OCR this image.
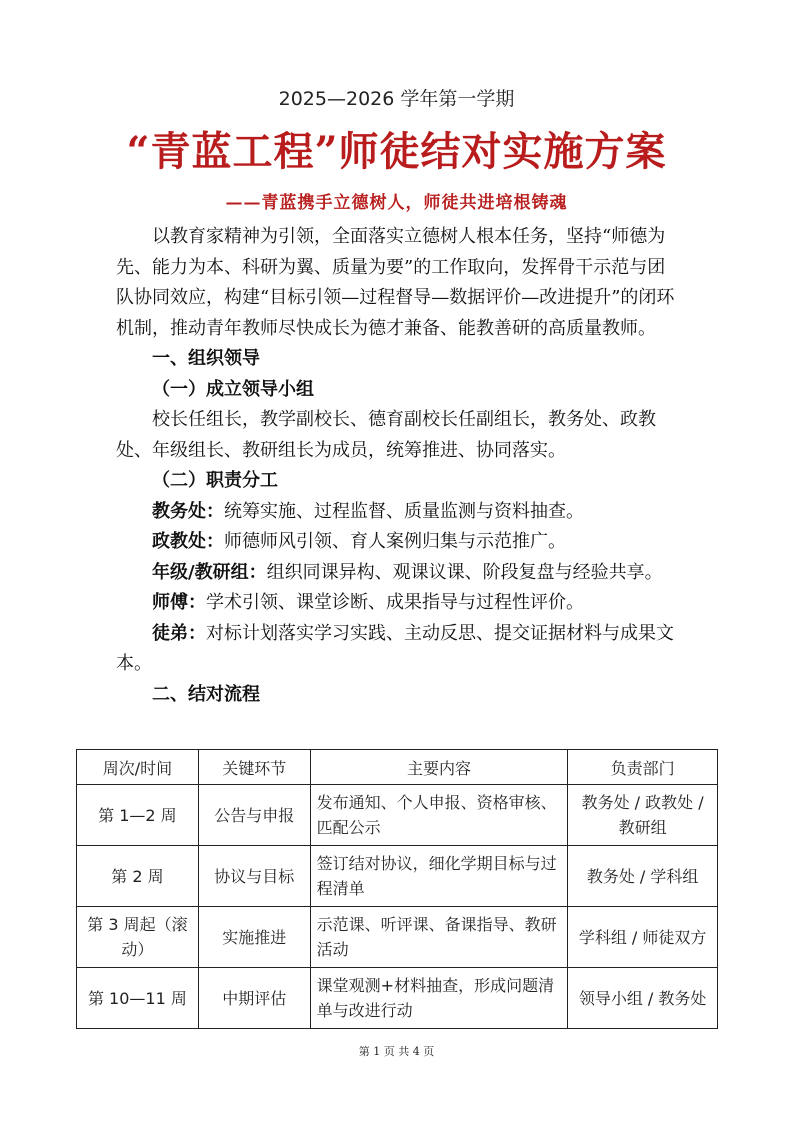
2025—2026 学年第一学期
“青蓝工程”师徒结对实施方案
——青蓝携手立德树人，师徒共进培根铸魂

以教育家精神为引领，全面落实立德树人根本任务，坚持“师德为先、能力为本、科研为翼、质量为要”的工作取向，发挥骨干示范与团队协同效应，构建“目标引领—过程督导—数据评价—改进提升”的闭环机制，推动青年教师尽快成长为德才兼备、能教善研的高质量教师。

一、组织领导

（一）成立领导小组

校长任组长，教学副校长、德育副校长任副组长，教务处、政教处、年级组长、教研组长为成员，统筹推进、协同落实。

（二）职责分工

教务处：统筹实施、过程监督、质量监测与资料抽查。

政教处：师德师风引领、育人案例归集与示范推广。

年级/教研组：组织同课异构、观课议课、阶段复盘与经验共享。

师傅：学术引领、课堂诊断、成果指导与过程性评价。

徒弟：对标计划落实学习实践、主动反思、提交证据材料与成果文本。

二、结对流程

周次/时间	关键环节	主要内容	负责部门
第 1—2 周	公告与申报	发布通知、个人申报、资格审核、匹配公示	教务处 / 政教处 / 教研组
第 2 周	协议与目标	签订结对协议，细化学期目标与过程清单	教务处 / 学科组
第 3 周起（滚动）	实施推进	示范课、听评课、备课指导、教研活动	学科组 / 师徒双方
第 10—11 周	中期评估	课堂观测+材料抽查，形成问题清单与改进行动	领导小组 / 教务处
第 1 页 共 4 页
